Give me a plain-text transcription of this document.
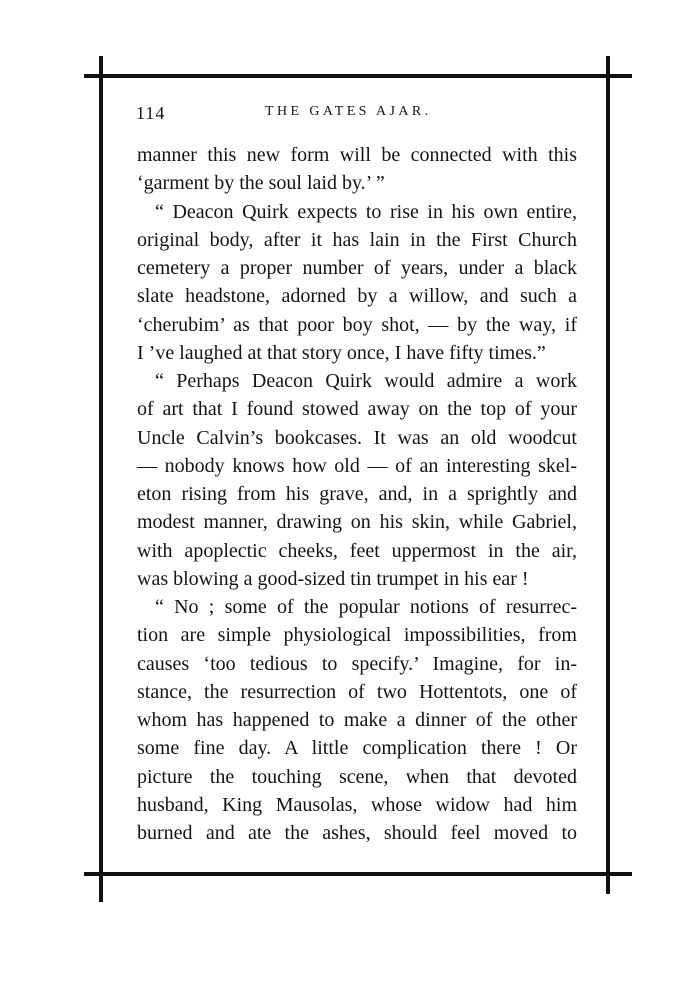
114	THE GATES AJAR.

manner this new form will be connected with this
‘garment by the soul laid by.’ ”
“ Deacon Quirk expects to rise in his own entire,
original body, after it has lain in the First Church
cemetery a proper number of years, under a black
slate headstone, adorned by a willow, and such a
‘cherubim’ as that poor boy shot, — by the way, if
I ’ve laughed at that story once, I have fifty times.”
“ Perhaps Deacon Quirk would admire a work
of art that I found stowed away on the top of your
Uncle Calvin’s bookcases. It was an old woodcut
— nobody knows how old — of an interesting skel-
eton rising from his grave, and, in a sprightly and
modest manner, drawing on his skin, while Gabriel,
with apoplectic cheeks, feet uppermost in the air,
was blowing a good-sized tin trumpet in his ear !
“ No ; some of the popular notions of resurrec-
tion are simple physiological impossibilities, from
causes ‘too tedious to specify.’ Imagine, for in-
stance, the resurrection of two Hottentots, one of
whom has happened to make a dinner of the other
some fine day. A little complication there ! Or
picture the touching scene, when that devoted
husband, King Mausolas, whose widow had him
burned and ate the ashes, should feel moved to
